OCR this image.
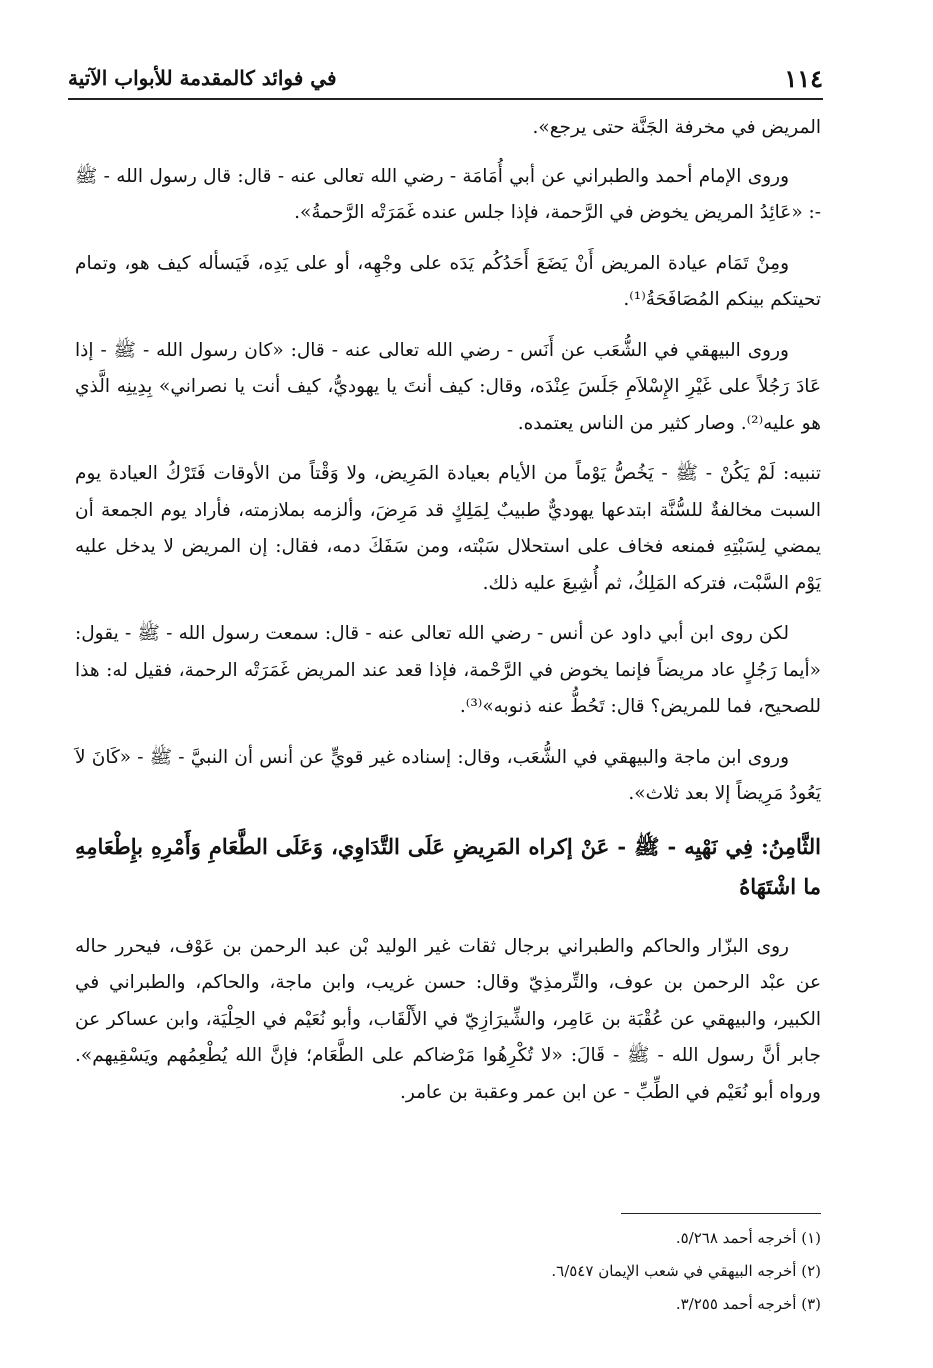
١١٤
في فوائد كالمقدمة للأبواب الآتية

المريض في مخرفة الجَنَّة حتى يرجع».

وروى الإمام أحمد والطبراني عن أبي أُمَامَة - رضي الله تعالى عنه - قال: قال رسول الله - ﷺ -: «عَائِدُ المريض يخوض في الرَّحمة، فإذا جلس عنده غَمَرَتْه الرَّحمةُ».

ومِنْ تَمَام عيادة المريض أَنْ يَضَعَ أَحَدُكُم يَدَه على وجْهِه، أو على يَدِه، فَيَسأله كيف هو، وتمام تحيتكم بينكم المُصَافَحَةُ⁽¹⁾.

وروى البيهقي في الشُّعَب عن أَنَس - رضي الله تعالى عنه - قال: «كان رسول الله - ﷺ - إذا عَادَ رَجُلاً على غَيْرِ الإِسْلاَمِ جَلَسَ عِنْدَه، وقال: كيف أنتَ يا يهوديُّ، كيف أنت يا نصراني» بِدِينِه الَّذي هو عليه⁽²⁾. وصار كثير من الناس يعتمده.

تنبيه: لَمْ يَكُنْ - ﷺ - يَخُصُّ يَوْماً من الأيام بعيادة المَرِيض، ولا وَقْتاً من الأوقات فَتَرْكُ العيادة يوم السبت مخالفةٌ للسُّنَّة ابتدعها يهوديٌّ طبيبٌ لِمَلِكٍ قد مَرِضَ، وألزمه بملازمته، فأراد يوم الجمعة أن يمضي لِسَبْتِهِ فمنعه فخاف على استحلال سَبْته، ومن سَفَكَ دمه، فقال: إن المريض لا يدخل عليه يَوْم السَّبْت، فتركه المَلِكُ، ثم أُشِيعَ عليه ذلك.

لكن روى ابن أبي داود عن أنس - رضي الله تعالى عنه - قال: سمعت رسول الله - ﷺ - يقول: «أيما رَجُلٍ عاد مريضاً فإنما يخوض في الرَّحْمة، فإذا قعد عند المريض غَمَرَتْه الرحمة، فقيل له: هذا للصحيح، فما للمريض؟ قال: تَحُطُّ عنه ذنوبه»⁽³⁾.

وروى ابن ماجة والبيهقي في الشُّعَب، وقال: إسناده غير قويٍّ عن أنس أن النبيَّ - ﷺ - «كَانَ لاَ يَعُودُ مَرِيضاً إلا بعد ثلاث».

الثَّامِنُ: فِي نَهْيِه - ﷺ - عَنْ إكراه المَرِيضِ عَلَى التَّدَاوِي، وَعَلَى الطَّعَامِ وَأَمْرِهِ بإِطْعَامِهِ ما اشْتَهَاهُ

روى البزّار والحاكم والطبراني برجال ثقات غير الوليد بْن عبد الرحمن بن عَوْف، فيحرر حاله عن عبْد الرحمن بن عوف، والتِّرمذِيّ وقال: حسن غريب، وابن ماجة، والحاكم، والطبراني في الكبير، والبيهقي عن عُقْبَة بن عَامِر، والشِّيرَازِيّ في الأَلْقَاب، وأبو نُعَيْم في الحِلْيَة، وابن عساكر عن جابر أنَّ رسول الله - ﷺ - قَالَ: «لا تُكْرِهُوا مَرْضاكم على الطَّعَام؛ فإنَّ الله يُطْعِمُهم ويَسْقِيهم». ورواه أبو نُعَيْم في الطِّبِّ - عن ابن عمر وعقبة بن عامر.

(١) أخرجه أحمد ٥/٢٦٨.
(٢) أخرجه البيهقي في شعب الإيمان ٦/٥٤٧.
(٣) أخرجه أحمد ٣/٢٥٥.
